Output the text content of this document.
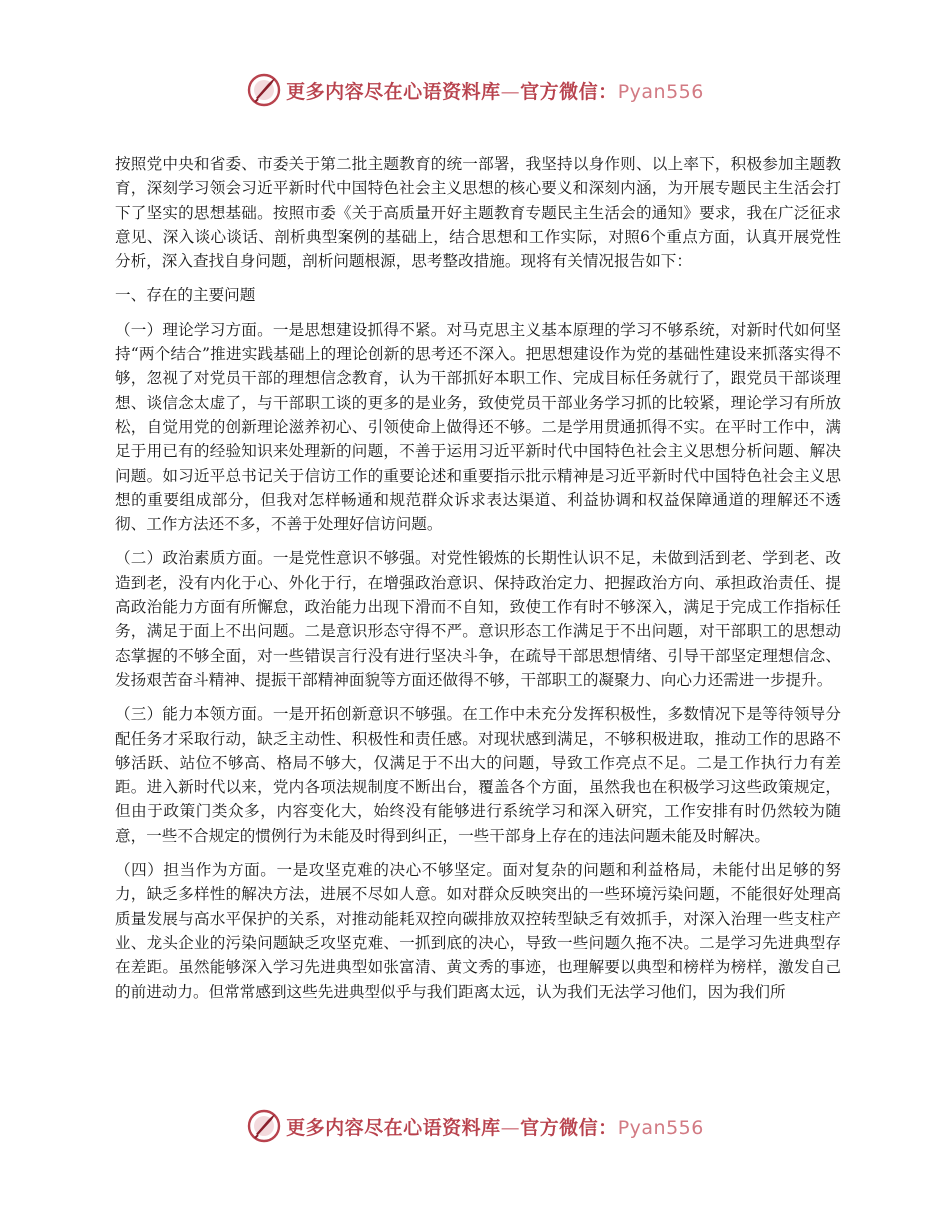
更多内容尽在心语资料库—官方微信：Pyan556

按照党中央和省委、市委关于第二批主题教育的统一部署，我坚持以身作则、以上率下，积极参加主题教育，深刻学习领会习近平新时代中国特色社会主义思想的核心要义和深刻内涵，为开展专题民主生活会打下了坚实的思想基础。按照市委《关于高质量开好主题教育专题民主生活会的通知》要求，我在广泛征求意见、深入谈心谈话、剖析典型案例的基础上，结合思想和工作实际，对照6个重点方面，认真开展党性分析，深入查找自身问题，剖析问题根源，思考整改措施。现将有关情况报告如下：

一、存在的主要问题

（一）理论学习方面。一是思想建设抓得不紧。对马克思主义基本原理的学习不够系统，对新时代如何坚持“两个结合”推进实践基础上的理论创新的思考还不深入。把思想建设作为党的基础性建设来抓落实得不够，忽视了对党员干部的理想信念教育，认为干部抓好本职工作、完成目标任务就行了，跟党员干部谈理想、谈信念太虚了，与干部职工谈的更多的是业务，致使党员干部业务学习抓的比较紧，理论学习有所放松，自觉用党的创新理论滋养初心、引领使命上做得还不够。二是学用贯通抓得不实。在平时工作中，满足于用已有的经验知识来处理新的问题，不善于运用习近平新时代中国特色社会主义思想分析问题、解决问题。如习近平总书记关于信访工作的重要论述和重要指示批示精神是习近平新时代中国特色社会主义思想的重要组成部分，但我对怎样畅通和规范群众诉求表达渠道、利益协调和权益保障通道的理解还不透彻、工作方法还不多，不善于处理好信访问题。

（二）政治素质方面。一是党性意识不够强。对党性锻炼的长期性认识不足，未做到活到老、学到老、改造到老，没有内化于心、外化于行，在增强政治意识、保持政治定力、把握政治方向、承担政治责任、提高政治能力方面有所懈怠，政治能力出现下滑而不自知，致使工作有时不够深入，满足于完成工作指标任务，满足于面上不出问题。二是意识形态守得不严。意识形态工作满足于不出问题，对干部职工的思想动态掌握的不够全面，对一些错误言行没有进行坚决斗争，在疏导干部思想情绪、引导干部坚定理想信念、发扬艰苦奋斗精神、提振干部精神面貌等方面还做得不够，干部职工的凝聚力、向心力还需进一步提升。

（三）能力本领方面。一是开拓创新意识不够强。在工作中未充分发挥积极性，多数情况下是等待领导分配任务才采取行动，缺乏主动性、积极性和责任感。对现状感到满足，不够积极进取，推动工作的思路不够活跃、站位不够高、格局不够大，仅满足于不出大的问题，导致工作亮点不足。二是工作执行力有差距。进入新时代以来，党内各项法规制度不断出台，覆盖各个方面，虽然我也在积极学习这些政策规定，但由于政策门类众多，内容变化大，始终没有能够进行系统学习和深入研究，工作安排有时仍然较为随意，一些不合规定的惯例行为未能及时得到纠正，一些干部身上存在的违法问题未能及时解决。

（四）担当作为方面。一是攻坚克难的决心不够坚定。面对复杂的问题和利益格局，未能付出足够的努力，缺乏多样性的解决方法，进展不尽如人意。如对群众反映突出的一些环境污染问题，不能很好处理高质量发展与高水平保护的关系，对推动能耗双控向碳排放双控转型缺乏有效抓手，对深入治理一些支柱产业、龙头企业的污染问题缺乏攻坚克难、一抓到底的决心，导致一些问题久拖不决。二是学习先进典型存在差距。虽然能够深入学习先进典型如张富清、黄文秀的事迹，也理解要以典型和榜样为榜样，激发自己的前进动力。但常常感到这些先进典型似乎与我们距离太远，认为我们无法学习他们，因为我们所

更多内容尽在心语资料库—官方微信：Pyan556
